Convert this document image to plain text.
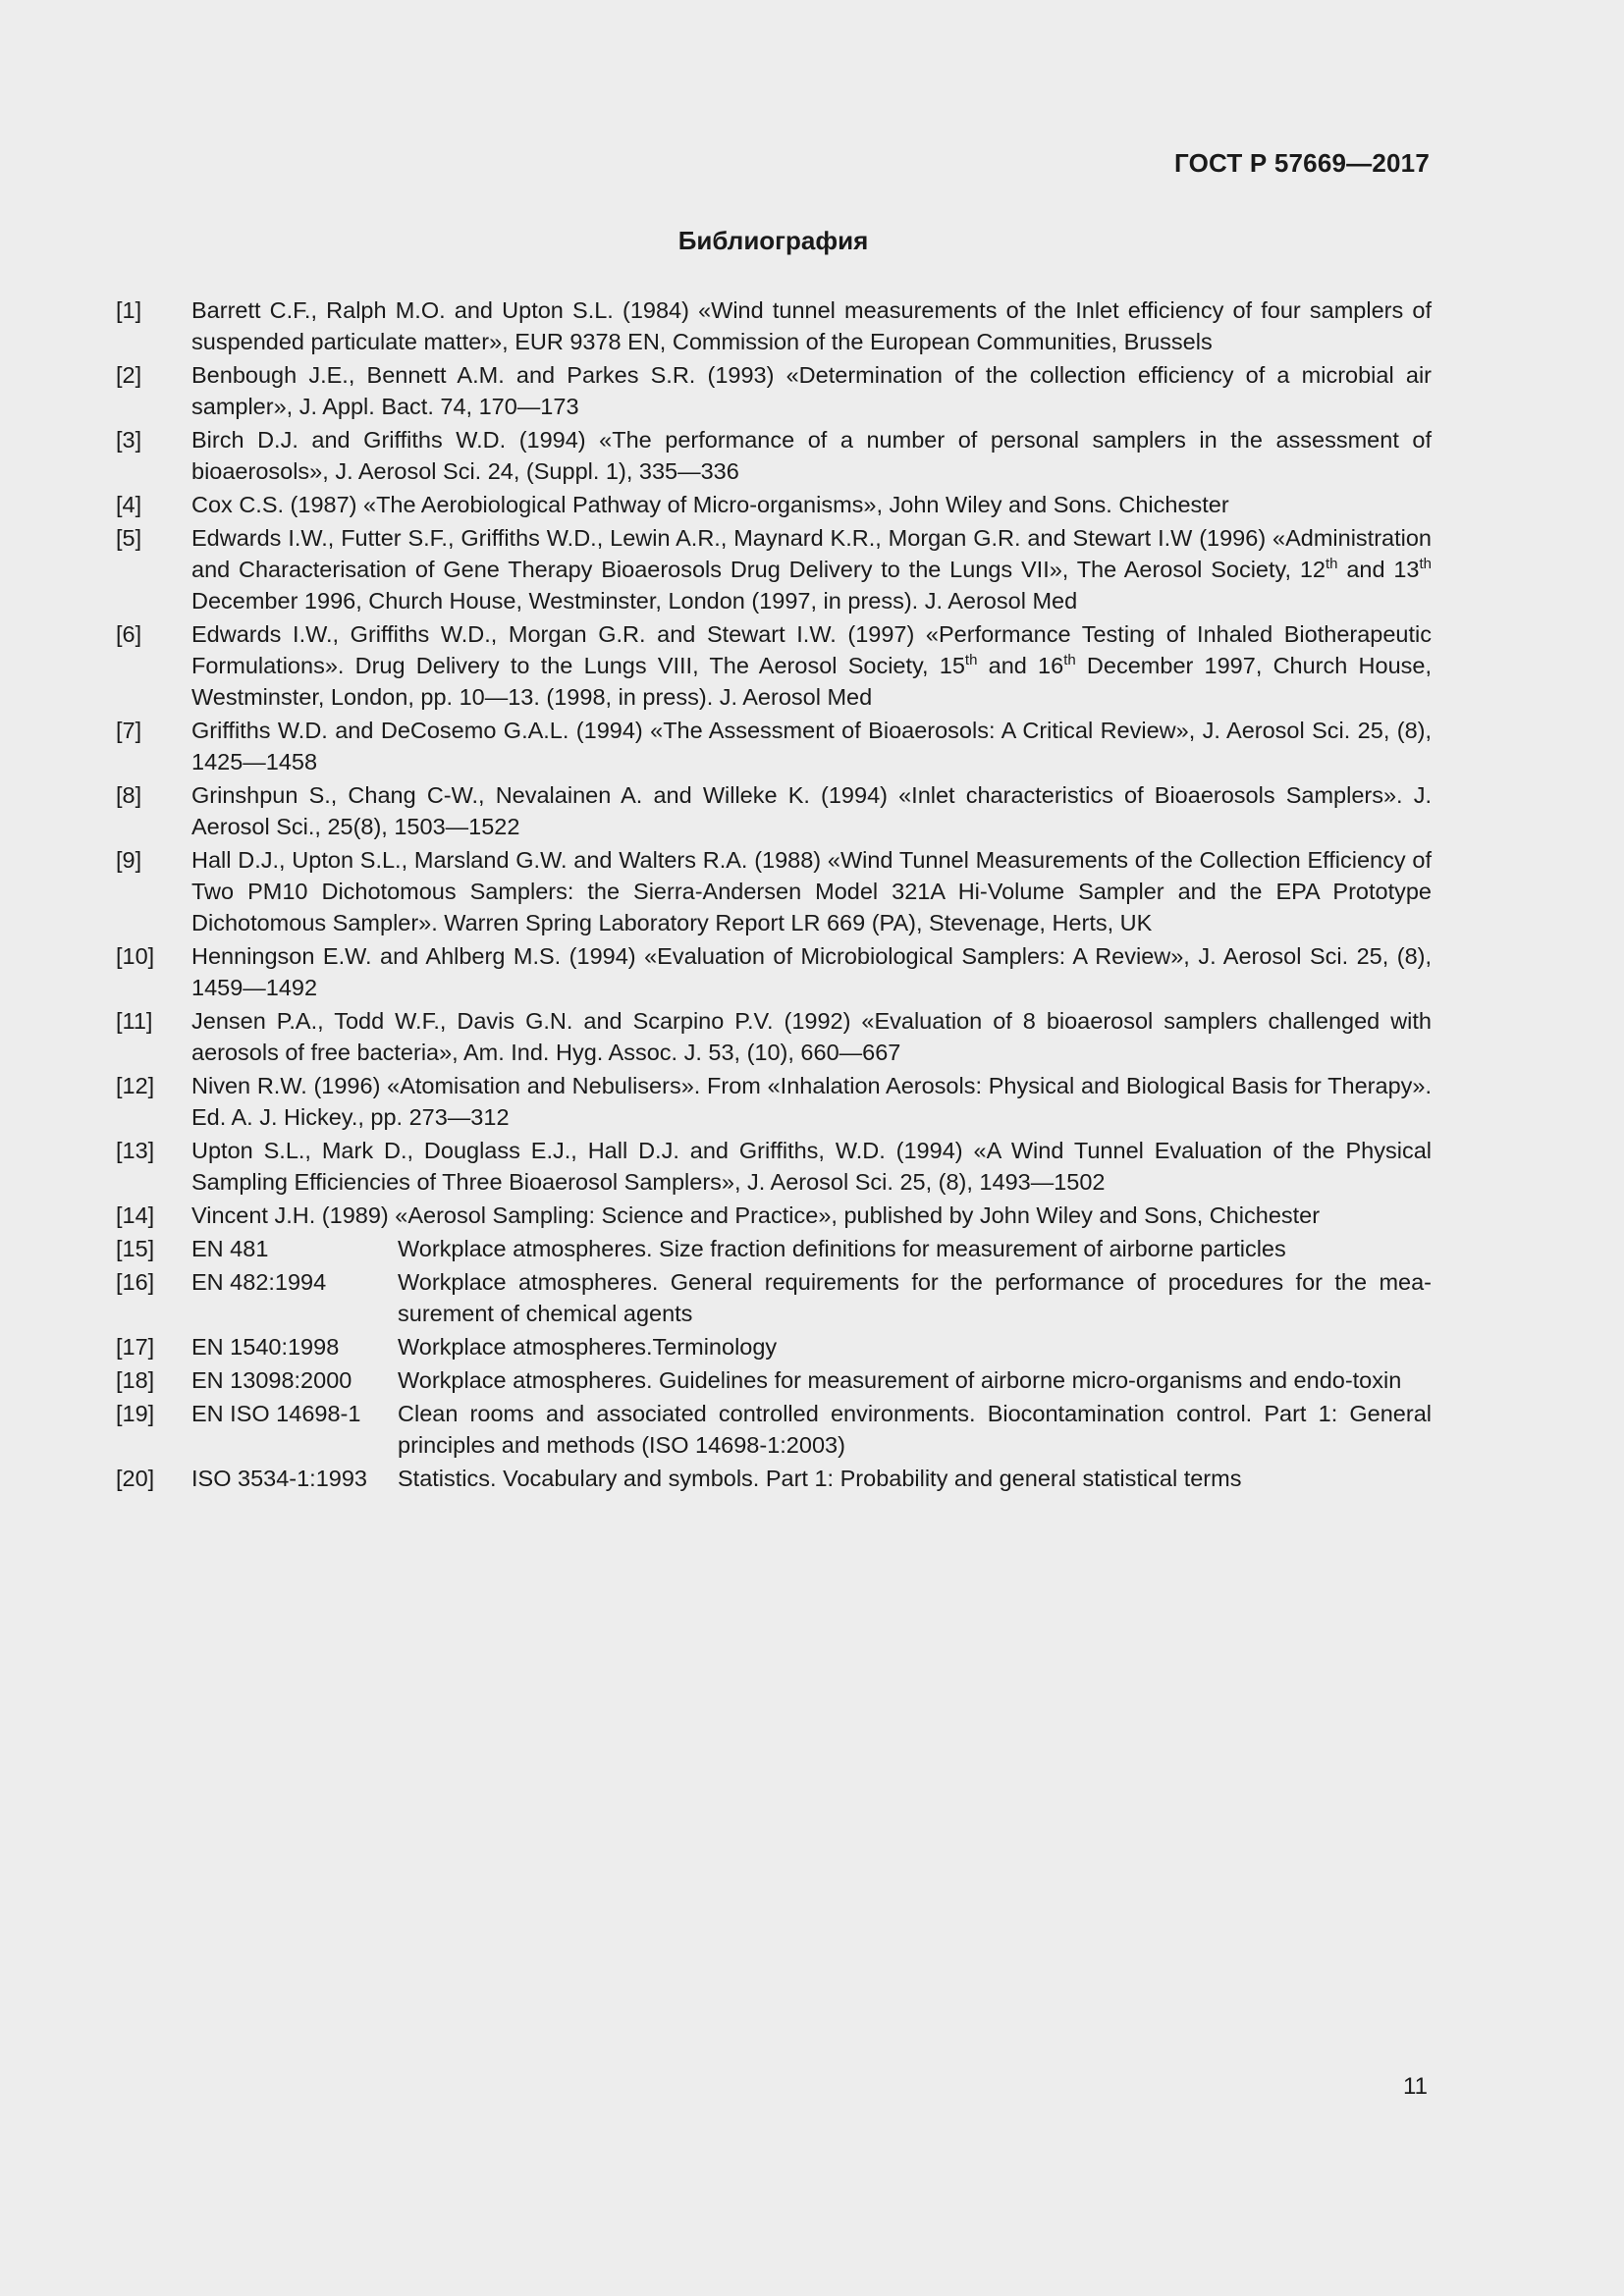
ГОСТ Р 57669—2017
Библиография
[1]	Barrett C.F., Ralph M.O. and Upton S.L. (1984) «Wind tunnel measurements of the Inlet efficiency of four samplers of suspended particulate matter», EUR 9378 EN, Commission of the European Communities, Brussels
[2]	Benbough J.E., Bennett A.M. and Parkes S.R. (1993) «Determination of the collection efficiency of a microbial air sampler», J. Appl. Bact. 74, 170—173
[3]	Birch D.J. and Griffiths W.D. (1994) «The performance of a number of personal samplers in the assessment of bioaerosols», J. Aerosol Sci. 24, (Suppl. 1), 335—336
[4]	Cox C.S. (1987) «The Aerobiological Pathway of Micro-organisms», John Wiley and Sons. Chichester
[5]	Edwards I.W., Futter S.F., Griffiths W.D., Lewin A.R., Maynard K.R., Morgan G.R. and Stewart I.W (1996) «Administration and Characterisation of Gene Therapy Bioaerosols Drug Delivery to the Lungs VII», The Aerosol Society, 12th and 13th December 1996, Church House, Westminster, London (1997, in press). J. Aerosol Med
[6]	Edwards I.W., Griffiths W.D., Morgan G.R. and Stewart I.W. (1997) «Performance Testing of Inhaled Biotherapeutic Formulations». Drug Delivery to the Lungs VIII, The Aerosol Society, 15th and 16th December 1997, Church House, Westminster, London, pp. 10—13. (1998, in press). J. Aerosol Med
[7]	Griffiths W.D. and DeCosemo G.A.L. (1994) «The Assessment of Bioaerosols: A Critical Review», J. Aerosol Sci. 25, (8), 1425—1458
[8]	Grinshpun S., Chang C-W., Nevalainen A. and Willeke K. (1994) «Inlet characteristics of Bioaerosols Samplers». J. Aerosol Sci., 25(8), 1503—1522
[9]	Hall D.J., Upton S.L., Marsland G.W. and Walters R.A. (1988) «Wind Tunnel Measurements of the Collection Efficiency of Two PM10 Dichotomous Samplers: the Sierra-Andersen Model 321A Hi-Volume Sampler and the EPA Prototype Dichotomous Sampler». Warren Spring Laboratory Report LR 669 (PA), Stevenage, Herts, UK
[10]	Henningson E.W. and Ahlberg M.S. (1994) «Evaluation of Microbiological Samplers: A Review», J. Aerosol Sci. 25, (8), 1459—1492
[11]	Jensen P.A., Todd W.F., Davis G.N. and Scarpino P.V. (1992) «Evaluation of 8 bioaerosol samplers challenged with aerosols of free bacteria», Am. Ind. Hyg. Assoc. J. 53, (10), 660—667
[12]	Niven R.W. (1996) «Atomisation and Nebulisers». From «Inhalation Aerosols: Physical and Biological Basis for Therapy». Ed. A. J. Hickey., pp. 273—312
[13]	Upton S.L., Mark D., Douglass E.J., Hall D.J. and Griffiths, W.D. (1994) «A Wind Tunnel Evaluation of the Physical Sampling Efficiencies of Three Bioaerosol Samplers», J. Aerosol Sci. 25, (8), 1493—1502
[14]	Vincent J.H. (1989) «Aerosol Sampling: Science and Practice», published by John Wiley and Sons, Chichester
[15]	EN 481	Workplace atmospheres. Size fraction definitions for measurement of airborne particles
[16]	EN 482:1994	Workplace atmospheres. General requirements for the performance of procedures for the mea-surement of chemical agents
[17]	EN 1540:1998	Workplace atmospheres.Terminology
[18]	EN 13098:2000	Workplace atmospheres. Guidelines for measurement of airborne micro-organisms and endo-toxin
[19]	EN ISO 14698-1	Clean rooms and associated controlled environments. Biocontamination control. Part 1: General principles and methods (ISO 14698-1:2003)
[20]	ISO 3534-1:1993	Statistics. Vocabulary and symbols. Part 1: Probability and general statistical terms
11
